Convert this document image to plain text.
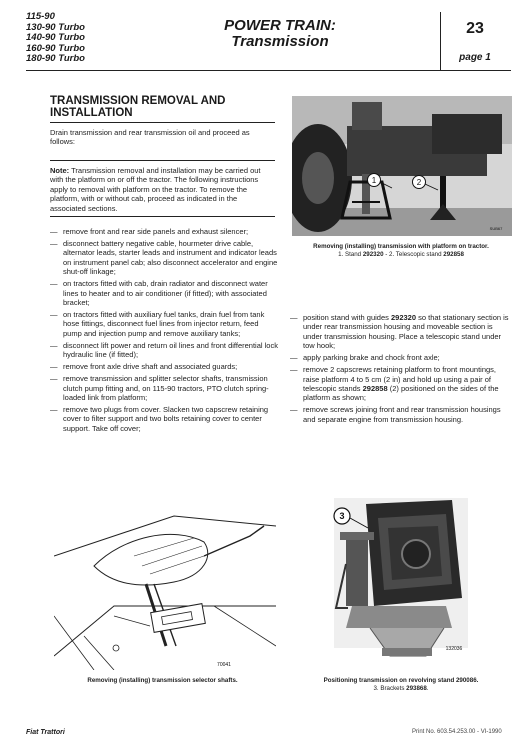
115-90
130-90 Turbo
140-90 Turbo
160-90 Turbo
180-90 Turbo
POWER TRAIN:
Transmission
23
page 1
TRANSMISSION REMOVAL AND
INSTALLATION
Drain transmission and rear transmission oil and proceed as follows:
Note: Transmission removal and installation may be carried out with the platform on or off the tractor. The following instructions apply to removal with platform on the tractor. To remove the platform, with or without cab, proceed as indicated in the associated sections.
— remove front and rear side panels and exhaust silencer;
— disconnect battery negative cable, hourmeter drive cable, alternator leads, starter leads and instrument and indicator leads on instrument panel cab; also disconnect accelerator and engine shut-off linkage;
— on tractors fitted with cab, drain radiator and disconnect water lines to heater and to air conditioner (if fitted); with associated bracket;
— on tractors fitted with auxiliary fuel tanks, drain fuel from tank hose fittings, disconnect fuel lines from injector return, feed pump and injection pump and remove auxiliary tanks;
— disconnect lift power and return oil lines and front differential lock hydraulic line (if fitted);
— remove front axle drive shaft and associated guards;
— remove transmission and splitter selector shafts, transmission clutch pump fitting and, on 115-90 tractors, PTO clutch spring-loaded link from platform;
— remove two plugs from cover. Slacken two capscrew retaining cover to filter support and two bolts retaining cover to center support. Take off cover;
1	2
SUB67
Removing (installing) transmission with platform on tractor.
1. Stand 292320 - 2. Telescopic stand 292858
— position stand with guides 292320 so that stationary section is under rear transmission housing and moveable section is under transmission housing. Place a telescopic stand under tow hook;
— apply parking brake and chock front axle;
— remove 2 capscrews retaining platform to front mountings, raise platform 4 to 5 cm (2 in) and hold up using a pair of telescopic stands 292858 (2) positioned on the sides of the platform as shown;
— remove screws joining front and rear transmission housings and separate engine from transmission housing.
70041
Removing (installing) transmission selector shafts.
3
132036
Positioning transmission on revolving stand 290086.
3. Brackets 293868.
Fiat Trattori	Print No. 603.54.253.00 - VI-1990
